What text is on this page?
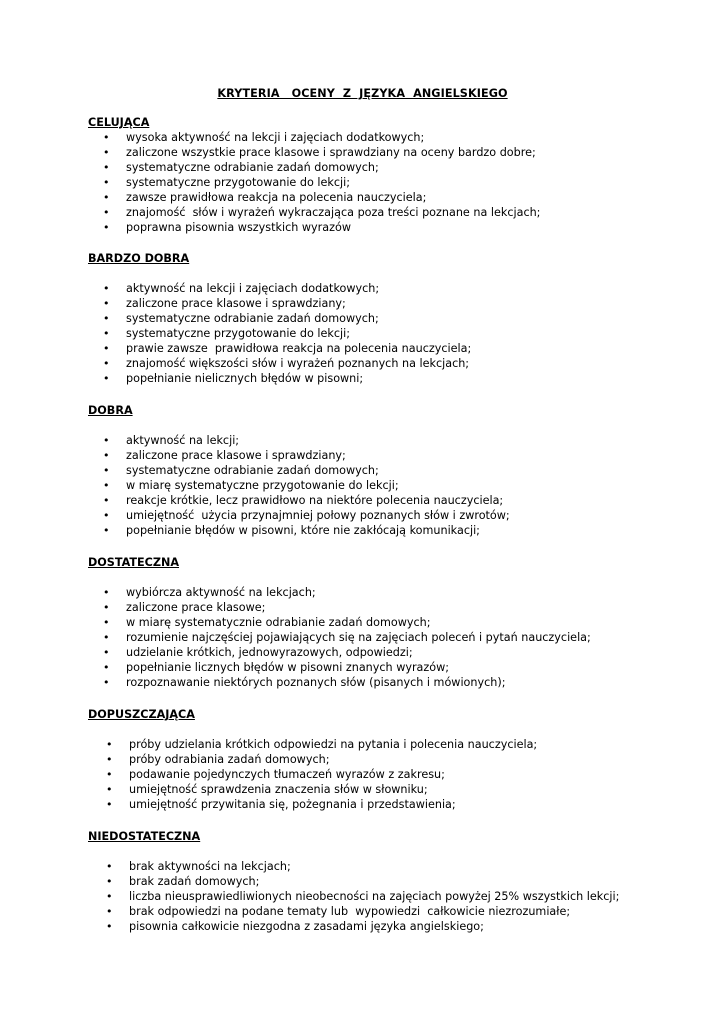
KRYTERIA   OCENY  Z  JĘZYKA  ANGIELSKIEGO
CELUJĄCA
• wysoka aktywność na lekcji i zajęciach dodatkowych;
• zaliczone wszystkie prace klasowe i sprawdziany na oceny bardzo dobre;
• systematyczne odrabianie zadań domowych;
• systematyczne przygotowanie do lekcji;
• zawsze prawidłowa reakcja na polecenia nauczyciela;
• znajomość  słów i wyrażeń wykraczająca poza treści poznane na lekcjach;
• poprawna pisownia wszystkich wyrazów
BARDZO DOBRA
• aktywność na lekcji i zajęciach dodatkowych;
• zaliczone prace klasowe i sprawdziany;
• systematyczne odrabianie zadań domowych;
• systematyczne przygotowanie do lekcji;
• prawie zawsze  prawidłowa reakcja na polecenia nauczyciela;
• znajomość większości słów i wyrażeń poznanych na lekcjach;
• popełnianie nielicznych błędów w pisowni;
DOBRA
• aktywność na lekcji;
• zaliczone prace klasowe i sprawdziany;
• systematyczne odrabianie zadań domowych;
• w miarę systematyczne przygotowanie do lekcji;
• reakcje krótkie, lecz prawidłowo na niektóre polecenia nauczyciela;
• umiejętność  użycia przynajmniej połowy poznanych słów i zwrotów;
• popełnianie błędów w pisowni, które nie zakłócają komunikacji;
DOSTATECZNA
• wybiórcza aktywność na lekcjach;
• zaliczone prace klasowe;
• w miarę systematycznie odrabianie zadań domowych;
• rozumienie najczęściej pojawiających się na zajęciach poleceń i pytań nauczyciela;
• udzielanie krótkich, jednowyrazowych, odpowiedzi;
• popełnianie licznych błędów w pisowni znanych wyrazów;
• rozpoznawanie niektórych poznanych słów (pisanych i mówionych);
DOPUSZCZAJĄCA
• próby udzielania krótkich odpowiedzi na pytania i polecenia nauczyciela;
• próby odrabiania zadań domowych;
• podawanie pojedynczych tłumaczeń wyrazów z zakresu;
• umiejętność sprawdzenia znaczenia słów w słowniku;
• umiejętność przywitania się, pożegnania i przedstawienia;
NIEDOSTATECZNA
• brak aktywności na lekcjach;
• brak zadań domowych;
• liczba nieusprawiedliwionych nieobecności na zajęciach powyżej 25% wszystkich lekcji;
• brak odpowiedzi na podane tematy lub  wypowiedzi  całkowicie niezrozumiałe;
• pisownia całkowicie niezgodna z zasadami języka angielskiego;
